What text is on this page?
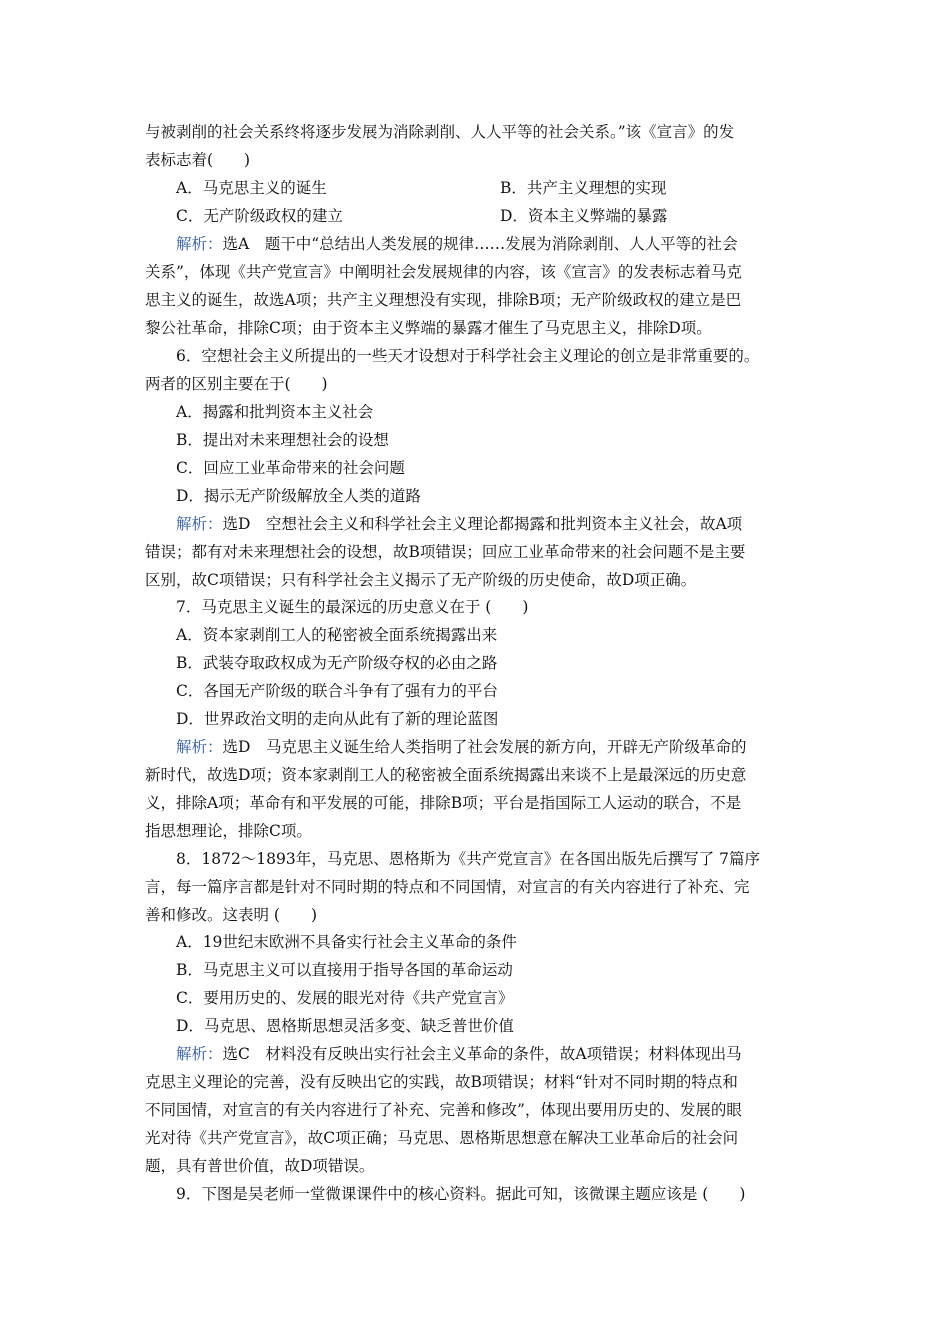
与被剥削的社会关系终将逐步发展为消除剥削、人人平等的社会关系。”该《宣言》的发
表标志着(　　)
A．马克思主义的诞生	B．共产主义理想的实现
C．无产阶级政权的建立	D．资本主义弊端的暴露
解析：选A　题干中“总结出人类发展的规律……发展为消除剥削、人人平等的社会
关系”，体现《共产党宣言》中阐明社会发展规律的内容，该《宣言》的发表标志着马克
思主义的诞生，故选A项；共产主义理想没有实现，排除B项；无产阶级政权的建立是巴
黎公社革命，排除C项；由于资本主义弊端的暴露才催生了马克思主义，排除D项。
6．空想社会主义所提出的一些天才设想对于科学社会主义理论的创立是非常重要的。
两者的区别主要在于(　　)
A．揭露和批判资本主义社会
B．提出对未来理想社会的设想
C．回应工业革命带来的社会问题
D．揭示无产阶级解放全人类的道路
解析：选D　空想社会主义和科学社会主义理论都揭露和批判资本主义社会，故A项
错误；都有对未来理想社会的设想，故B项错误；回应工业革命带来的社会问题不是主要
区别，故C项错误；只有科学社会主义揭示了无产阶级的历史使命，故D项正确。
7．马克思主义诞生的最深远的历史意义在于 (　　)
A．资本家剥削工人的秘密被全面系统揭露出来
B．武装夺取政权成为无产阶级夺权的必由之路
C．各国无产阶级的联合斗争有了强有力的平台
D．世界政治文明的走向从此有了新的理论蓝图
解析：选D　马克思主义诞生给人类指明了社会发展的新方向，开辟无产阶级革命的
新时代，故选D项；资本家剥削工人的秘密被全面系统揭露出来谈不上是最深远的历史意
义，排除A项；革命有和平发展的可能，排除B项；平台是指国际工人运动的联合，不是
指思想理论，排除C项。
8．1872～1893年，马克思、恩格斯为《共产党宣言》在各国出版先后撰写了 7篇序
言，每一篇序言都是针对不同时期的特点和不同国情，对宣言的有关内容进行了补充、完
善和修改。这表明 (　　)
A．19世纪末欧洲不具备实行社会主义革命的条件
B．马克思主义可以直接用于指导各国的革命运动
C．要用历史的、发展的眼光对待《共产党宣言》
D．马克思、恩格斯思想灵活多变、缺乏普世价值
解析：选C　材料没有反映出实行社会主义革命的条件，故A项错误；材料体现出马
克思主义理论的完善，没有反映出它的实践，故B项错误；材料“针对不同时期的特点和
不同国情，对宣言的有关内容进行了补充、完善和修改”，体现出要用历史的、发展的眼
光对待《共产党宣言》，故C项正确；马克思、恩格斯思想意在解决工业革命后的社会问
题，具有普世价值，故D项错误。
9．下图是吴老师一堂微课课件中的核心资料。据此可知，该微课主题应该是 (　　)
